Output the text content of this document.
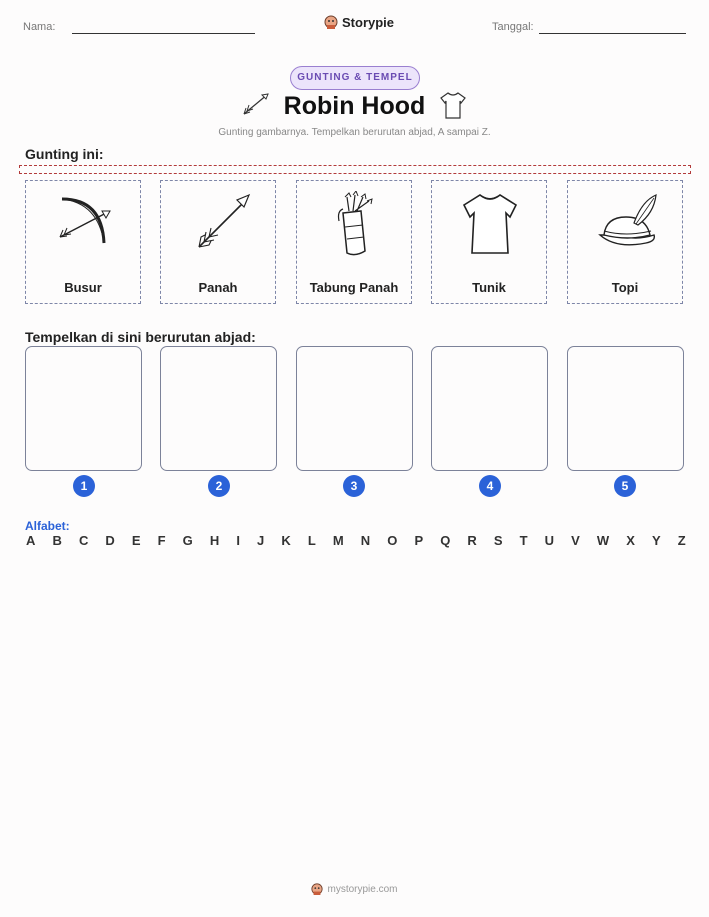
Nama:	Storypie	Tanggal:
GUNTING & TEMPEL
Robin Hood
Gunting gambarnya. Tempelkan berurutan abjad, A sampai Z.
Gunting ini:
Busur	Panah	Tabung Panah	Tunik	Topi
Tempelkan di sini berurutan abjad:
1	2	3	4	5
Alfabet:
A B C D E F G H I J K L M N O P Q R S T U V W X Y Z
mystorypie.com
